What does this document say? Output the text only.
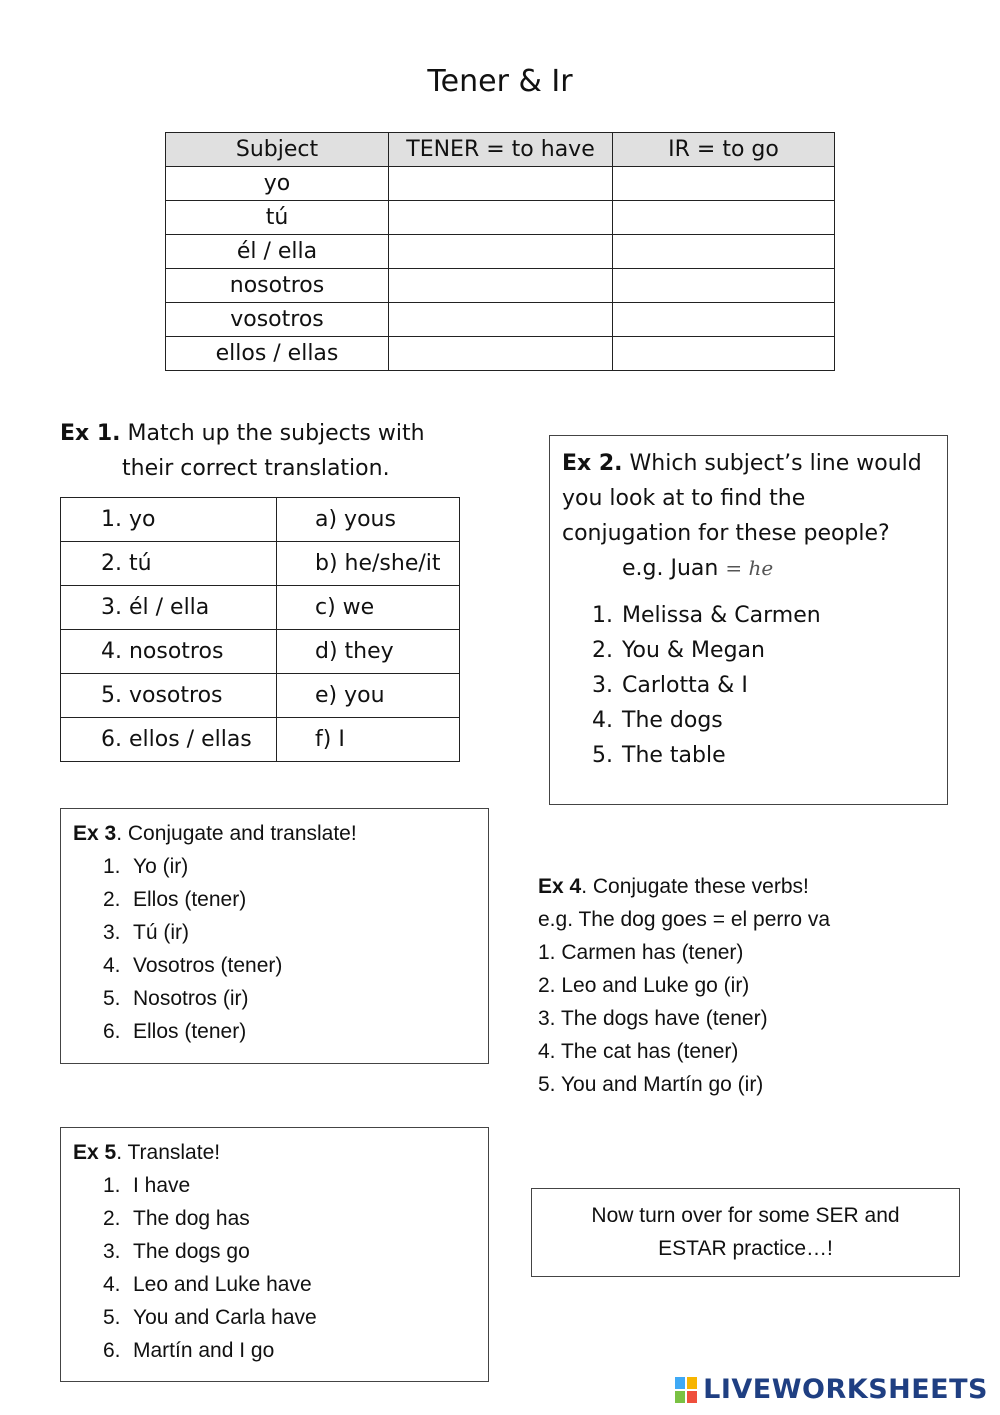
Tener & Ir
Subject	TENER = to have	IR = to go
yo		
tú		
él / ella		
nosotros		
vosotros		
ellos / ellas		
Ex 1. Match up the subjects with
their correct translation.
1. yo	a) yous
2. tú	b) he/she/it
3. él / ella	c) we
4. nosotros	d) they
5. vosotros	e) you
6. ellos / ellas	f) I
Ex 2. Which subject’s line would you look at to find the conjugation for these people?
e.g. Juan = he
1. Melissa & Carmen
2. You & Megan
3. Carlotta & I
4. The dogs
5. The table
Ex 3. Conjugate and translate!
1. Yo (ir)
2. Ellos (tener)
3. Tú (ir)
4. Vosotros (tener)
5. Nosotros (ir)
6. Ellos (tener)
Ex 4. Conjugate these verbs!
e.g. The dog goes = el perro va
1. Carmen has (tener)
2. Leo and Luke go (ir)
3. The dogs have (tener)
4. The cat has (tener)
5. You and Martín go (ir)
Ex 5. Translate!
1. I have
2. The dog has
3. The dogs go
4. Leo and Luke have
5. You and Carla have
6. Martín and I go
Now turn over for some SER and
ESTAR practice…!
LIVEWORKSHEETS
